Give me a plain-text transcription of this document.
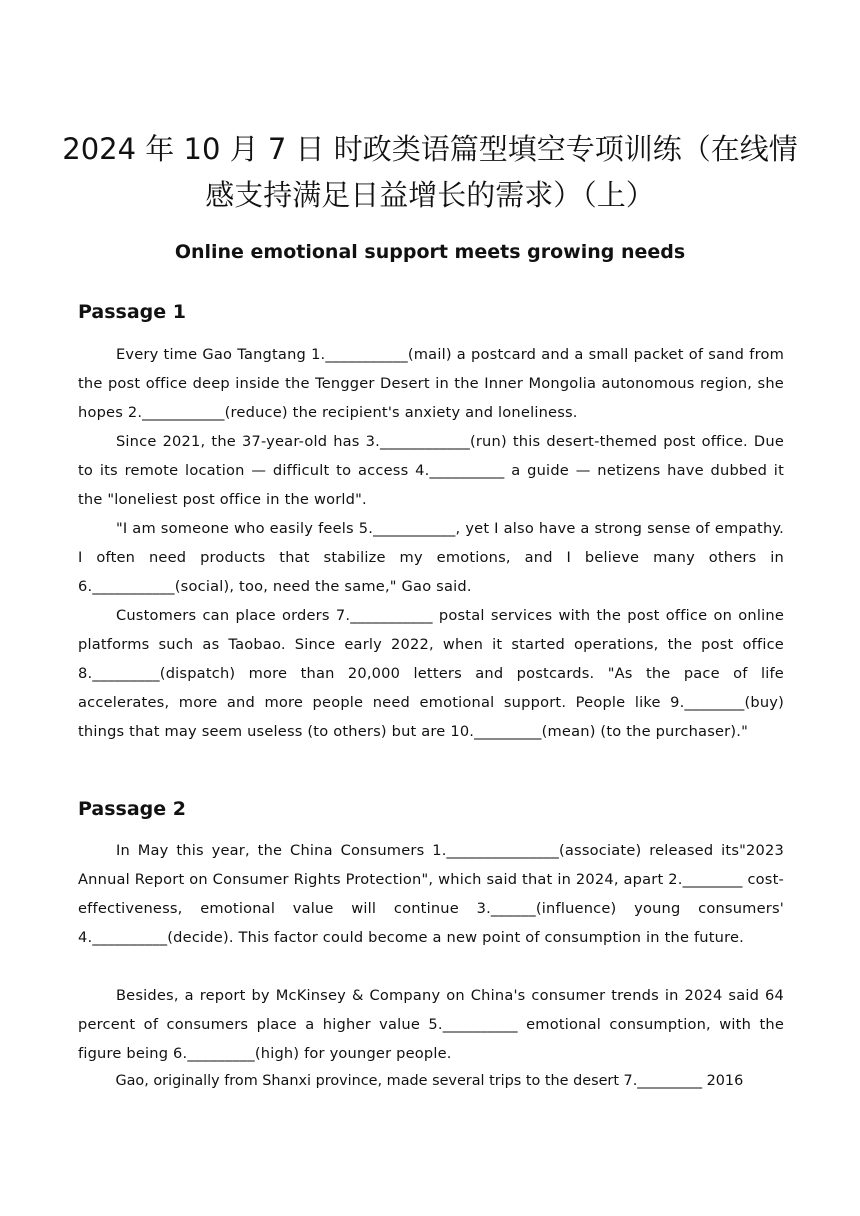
2024 年 10 月 7 日 时政类语篇型填空专项训练（在线情感支持满足日益增长的需求）（上）
Online emotional support meets growing needs
Passage 1

Every time Gao Tangtang 1.___________(mail) a postcard and a small packet of sand from the post office deep inside the Tengger Desert in the Inner Mongolia autonomous region, she hopes 2.___________(reduce) the recipient's anxiety and loneliness.

Since 2021, the 37-year-old has 3.____________(run) this desert-themed post office. Due to its remote location — difficult to access 4.__________ a guide — netizens have dubbed it the "loneliest post office in the world".

"I am someone who easily feels 5.___________, yet I also have a strong sense of empathy. I often need products that stabilize my emotions, and I believe many others in 6.___________(social), too, need the same," Gao said.

Customers can place orders 7.___________ postal services with the post office on online platforms such as Taobao. Since early 2022, when it started operations, the post office 8._________(dispatch) more than 20,000 letters and postcards. "As the pace of life accelerates, more and more people need emotional support. People like 9.________(buy) things that may seem useless (to others) but are 10._________(mean) (to the purchaser)."

Passage 2

In May this year, the China Consumers 1._______________(associate) released its"2023 Annual Report on Consumer Rights Protection", which said that in 2024, apart 2.________ cost-effectiveness, emotional value will continue 3.______(influence) young consumers' 4.__________(decide). This factor could become a new point of consumption in the future.

Besides, a report by McKinsey & Company on China's consumer trends in 2024 said 64 percent of consumers place a higher value 5.__________ emotional consumption, with the figure being 6._________(high) for younger people.

Gao, originally from Shanxi province, made several trips to the desert 7._________ 2016
